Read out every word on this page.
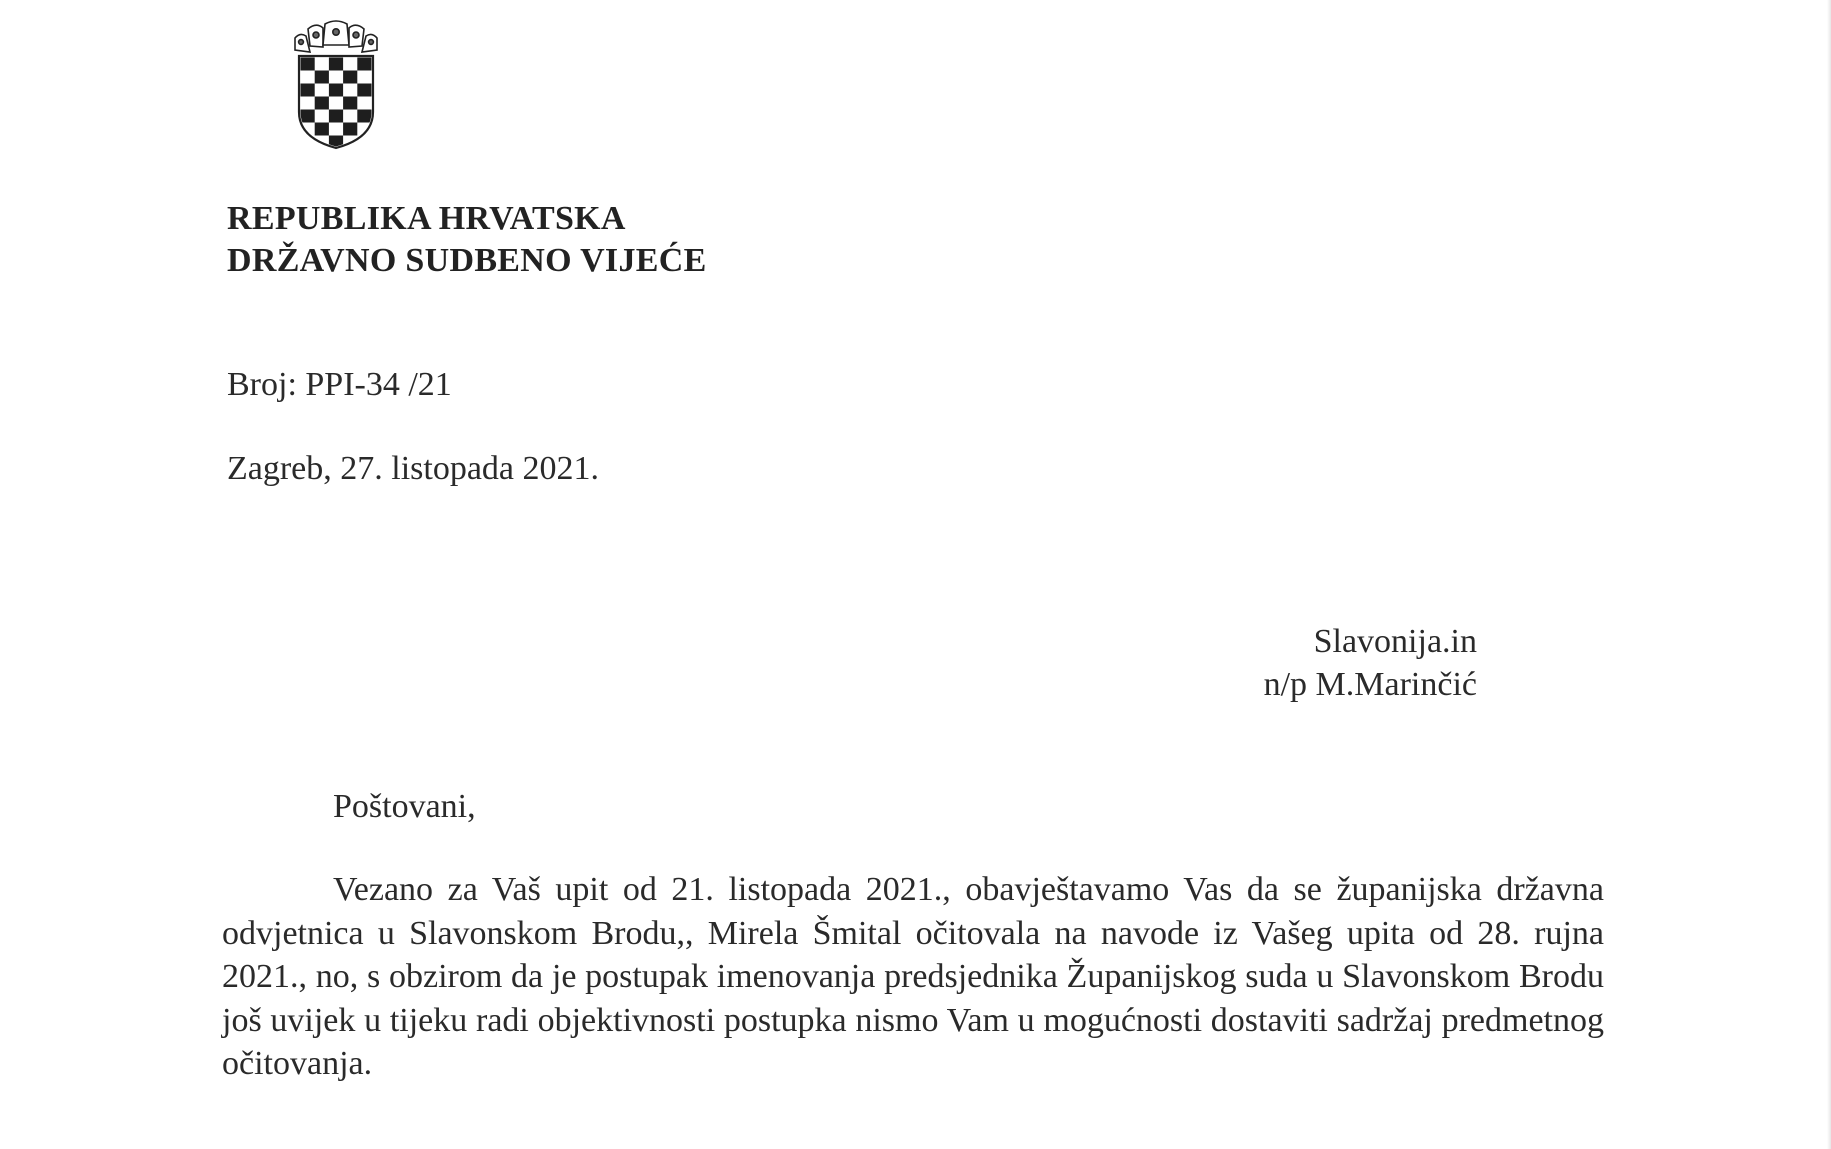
REPUBLIKA HRVATSKA
DRŽAVNO SUDBENO VIJEĆE
Broj: PPI-34 /21
Zagreb, 27. listopada 2021.
Slavonija.in
n/p M.Marinčić
Poštovani,
Vezano za Vaš upit od 21. listopada 2021., obavještavamo Vas da se županijska državna odvjetnica u Slavonskom Brodu,, Mirela Šmital očitovala na navode iz Vašeg upita od 28. rujna 2021., no, s obzirom da je postupak imenovanja predsjednika Županijskog suda u Slavonskom Brodu još uvijek u tijeku radi objektivnosti postupka nismo Vam u mogućnosti dostaviti sadržaj predmetnog očitovanja.
